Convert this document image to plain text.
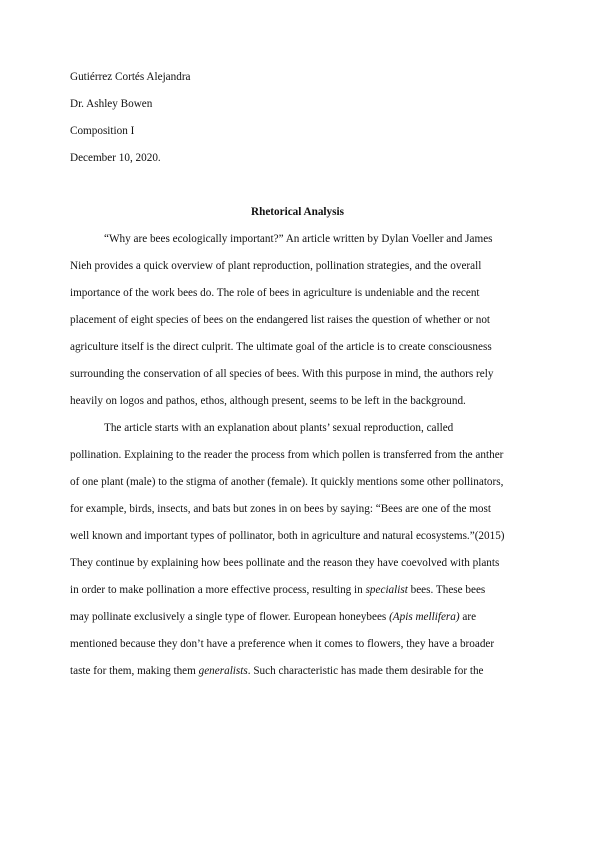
Gutiérrez Cortés Alejandra
Dr. Ashley Bowen
Composition I
December 10, 2020.
Rhetorical Analysis
“Why are bees ecologically important?” An article written by Dylan Voeller and James
Nieh provides a quick overview of plant reproduction, pollination strategies, and the overall
importance of the work bees do. The role of bees in agriculture is undeniable and the recent
placement of eight species of bees on the endangered list raises the question of whether or not
agriculture itself is the direct culprit. The ultimate goal of the article is to create consciousness
surrounding the conservation of all species of bees. With this purpose in mind, the authors rely
heavily on logos and pathos, ethos, although present, seems to be left in the background.
The article starts with an explanation about plants’ sexual reproduction, called
pollination. Explaining to the reader the process from which pollen is transferred from the anther
of one plant (male) to the stigma of another (female). It quickly mentions some other pollinators,
for example, birds, insects, and bats but zones in on bees by saying: “Bees are one of the most
well known and important types of pollinator, both in agriculture and natural ecosystems.”(2015)
They continue by explaining how bees pollinate and the reason they have coevolved with plants
in order to make pollination a more effective process, resulting in specialist bees. These bees
may pollinate exclusively a single type of flower. European honeybees (Apis mellifera) are
mentioned because they don’t have a preference when it comes to flowers, they have a broader
taste for them, making them generalists. Such characteristic has made them desirable for the
